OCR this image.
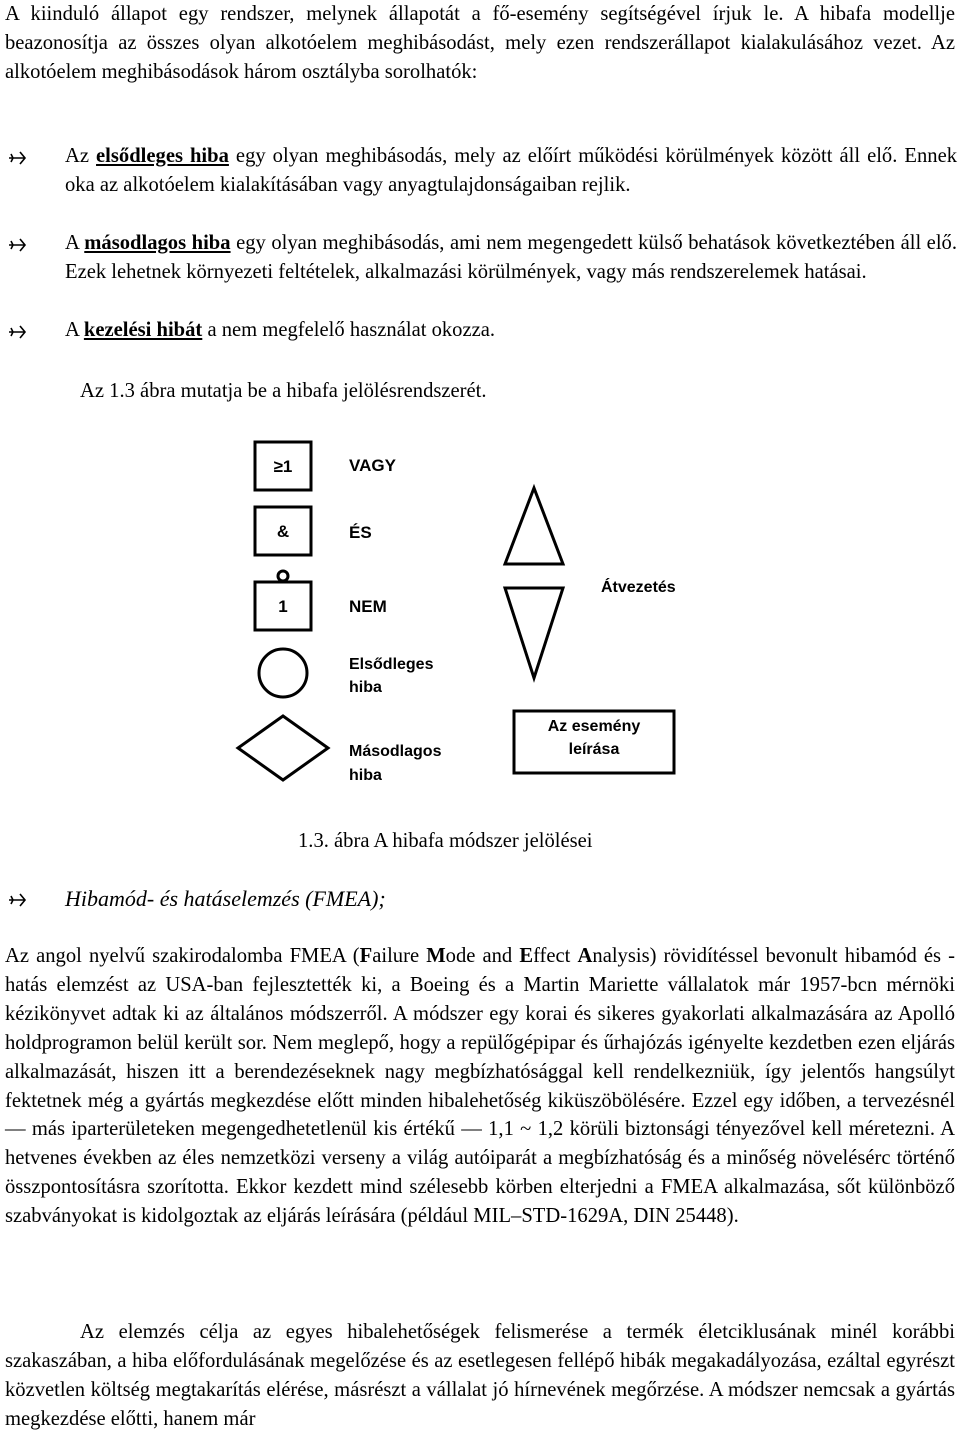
A kiinduló állapot egy rendszer, melynek állapotát a fő-esemény segítségével írjuk le. A hibafa modellje beazonosítja az összes olyan alkotóelem meghibásodást, mely ezen rendszerállapot kialakulásához vezet. Az alkotóelem meghibásodások három osztályba sorolhatók:

Az elsődleges hiba egy olyan meghibásodás, mely az előírt működési körülmények között áll elő. Ennek oka az alkotóelem kialakításában vagy anyagtulajdonságaiban rejlik.

A másodlagos hiba egy olyan meghibásodás, ami nem megengedett külső behatások következtében áll elő. Ezek lehetnek környezeti feltételek, alkalmazási körülmények, vagy más rendszerelemek hatásai.

A kezelési hibát a nem megfelelő használat okozza.

Az 1.3 ábra mutatja be a hibafa jelölésrendszerét.

≥1
&
1
VAGY
ÉS
NEM
Elsődleges
hiba
Másodlagos
hiba
Átvezetés
Az esemény
leírása

1.3. ábra A hibafa módszer jelölései

Hibamód- és hatáselemzés (FMEA);

Az angol nyelvű szakirodalomba FMEA (Failure Mode and Effect Analysis) rövidítéssel bevonult hibamód és -hatás elemzést az USA-ban fejlesztették ki, a Boeing és a Martin Mariette vállalatok már 1957-bcn mérnöki kézikönyvet adtak ki az általános módszerről. A módszer egy korai és sikeres gyakorlati alkalmazására az Apolló holdprogramon belül került sor. Nem meglepő, hogy a repülőgépipar és űrhajózás igényelte kezdetben ezen eljárás alkalmazását, hiszen itt a berendezéseknek nagy megbízhatósággal kell rendelkezniük, így jelentős hangsúlyt fektetnek még a gyártás megkezdése előtt minden hibalehetőség kiküszöbölésére. Ezzel egy időben, a tervezésnél — más iparterületeken megengedhetetlenül kis értékű — 1,1 ~ 1,2 körüli biztonsági tényezővel kell méretezni. A hetvenes években az éles nemzetközi verseny a világ autóiparát a megbízhatóság és a minőség növelésérc történő összpontosításra szorította. Ekkor kezdett mind szélesebb körben elterjedni a FMEA alkalmazása, sőt különböző szabványokat is kidolgoztak az eljárás leírására (például MIL–STD-1629A, DIN 25448).

Az elemzés célja az egyes hibalehetőségek felismerése a termék életciklusának minél korábbi szakaszában, a hiba előfordulásának megelőzése és az esetlegesen fellépő hibák megakadályozása, ezáltal egyrészt közvetlen költség megtakarítás elérése, másrészt a vállalat jó hírnevének megőrzése. A módszer nemcsak a gyártás megkezdése előtti, hanem már
